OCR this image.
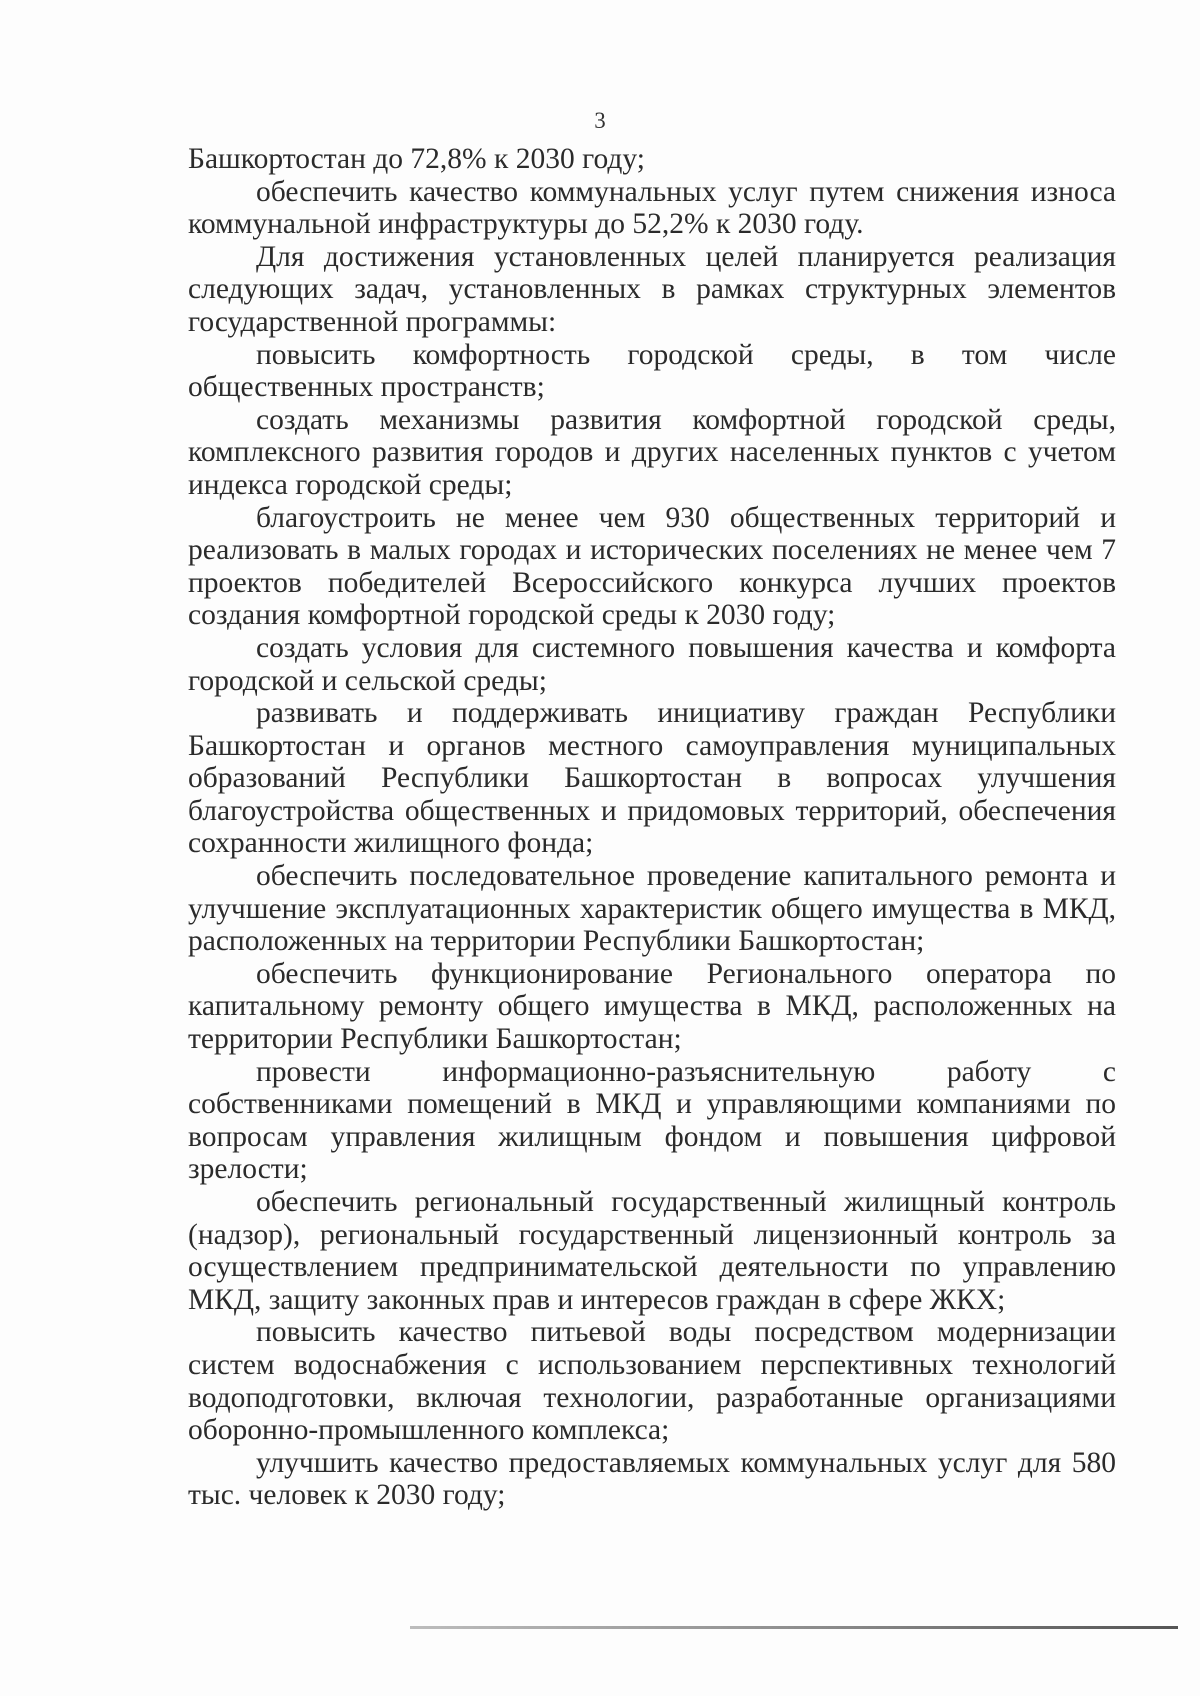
3

Башкортостан до 72,8% к 2030 году;

обеспечить качество коммунальных услуг путем снижения износа коммунальной инфраструктуры до 52,2% к 2030 году.

Для достижения установленных целей планируется реализация следующих задач, установленных в рамках структурных элементов государственной программы:

повысить комфортность городской среды, в том числе общественных пространств;

создать механизмы развития комфортной городской среды, комплексного развития городов и других населенных пунктов с учетом индекса городской среды;

благоустроить не менее чем 930 общественных территорий и реализовать в малых городах и исторических поселениях не менее чем 7 проектов победителей Всероссийского конкурса лучших проектов создания комфортной городской среды к 2030 году;

создать условия для системного повышения качества и комфорта городской и сельской среды;

развивать и поддерживать инициативу граждан Республики Башкортостан и органов местного самоуправления муниципальных образований Республики Башкортостан в вопросах улучшения благоустройства общественных и придомовых территорий, обеспечения сохранности жилищного фонда;

обеспечить последовательное проведение капитального ремонта и улучшение эксплуатационных характеристик общего имущества в МКД, расположенных на территории Республики Башкортостан;

обеспечить функционирование Регионального оператора по капитальному ремонту общего имущества в МКД, расположенных на территории Республики Башкортостан;

провести информационно-разъяснительную работу с собственниками помещений в МКД и управляющими компаниями по вопросам управления жилищным фондом и повышения цифровой зрелости;

обеспечить региональный государственный жилищный контроль (надзор), региональный государственный лицензионный контроль за осуществлением предпринимательской деятельности по управлению МКД, защиту законных прав и интересов граждан в сфере ЖКХ;

повысить качество питьевой воды посредством модернизации систем водоснабжения с использованием перспективных технологий водоподготовки, включая технологии, разработанные организациями оборонно-промышленного комплекса;

улучшить качество предоставляемых коммунальных услуг для 580 тыс. человек к 2030 году;
